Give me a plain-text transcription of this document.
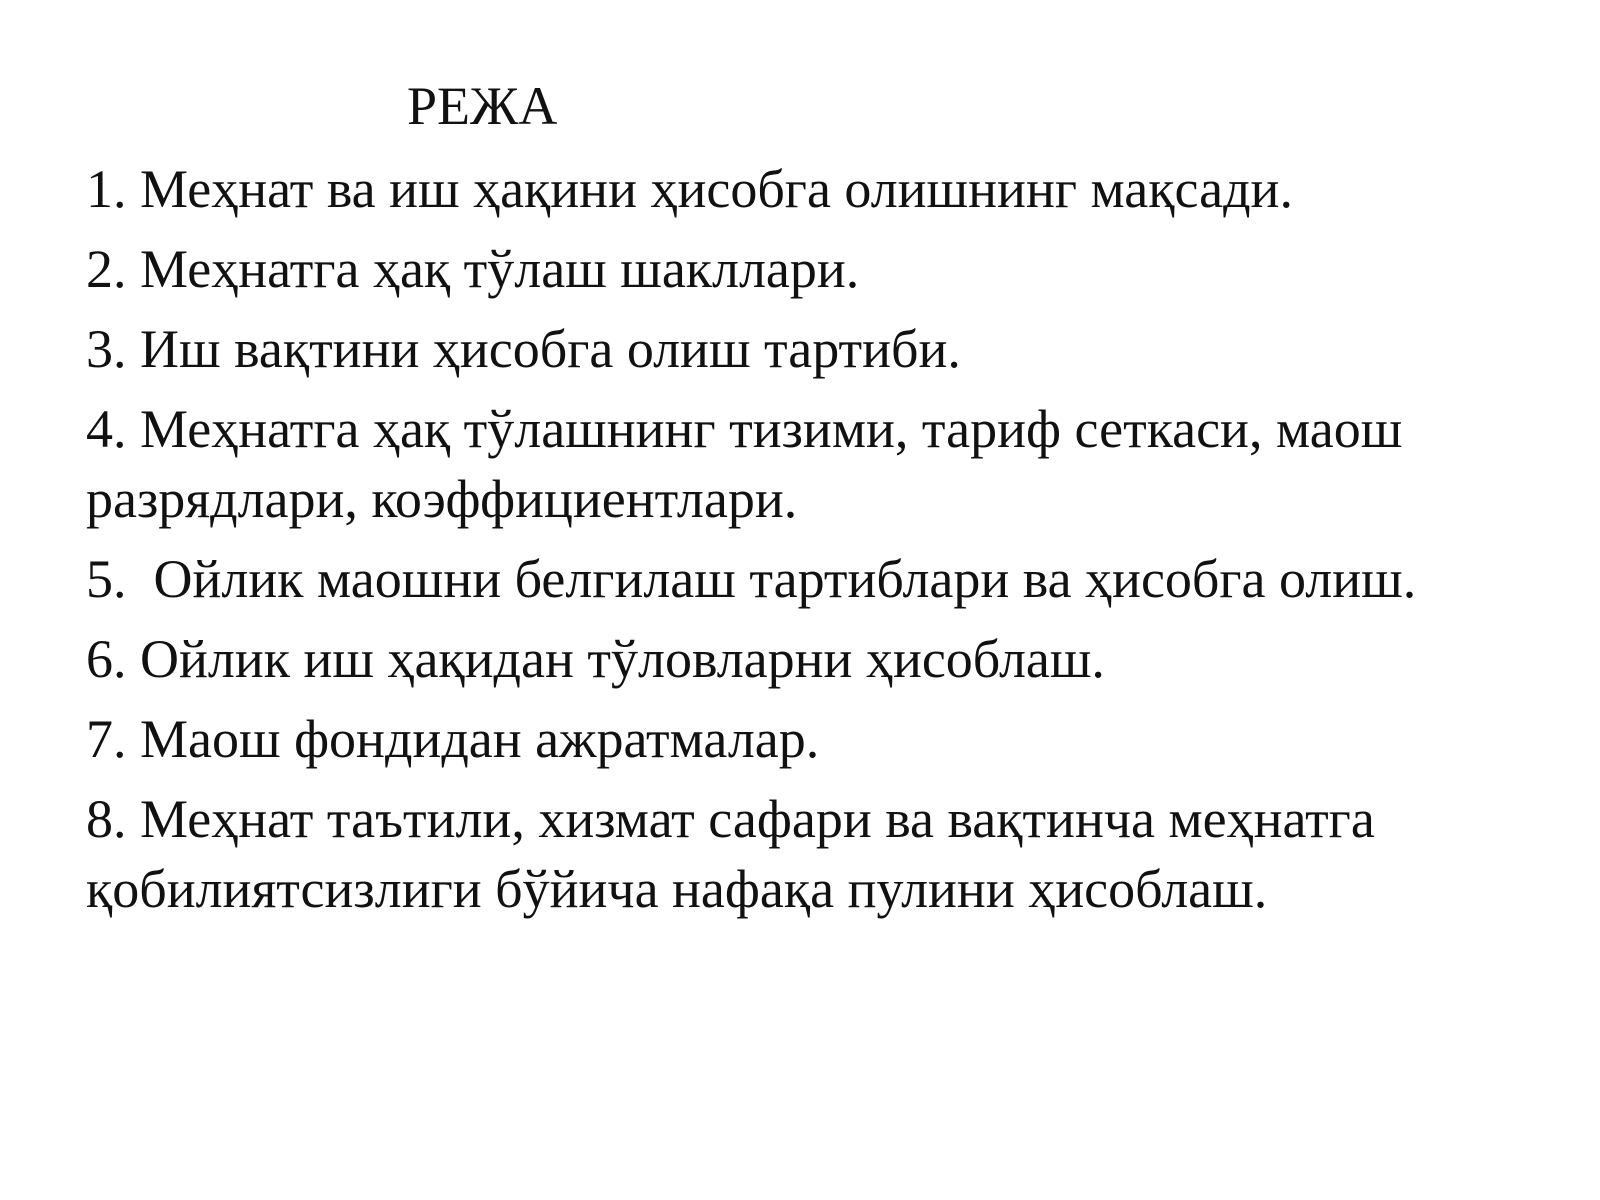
РЕЖА
1. Меҳнат ва иш ҳақини ҳисобга олишнинг мақсади.
2. Меҳнатга ҳақ тўлаш шакллари.
3. Иш вақтини ҳисобга олиш тартиби.
4. Меҳнатга ҳақ тўлашнинг тизими, тариф сеткаси, маош разрядлари, коэффициентлари.
5.  Ойлик маошни белгилаш тартиблари ва ҳисобга олиш.
6. Ойлик иш ҳақидан тўловларни ҳисоблаш.
7. Маош фондидан ажратмалар.
8. Меҳнат таътили, хизмат сафари ва вақтинча меҳнатга қобилиятсизлиги бўйича нафақа пулини ҳисоблаш.
